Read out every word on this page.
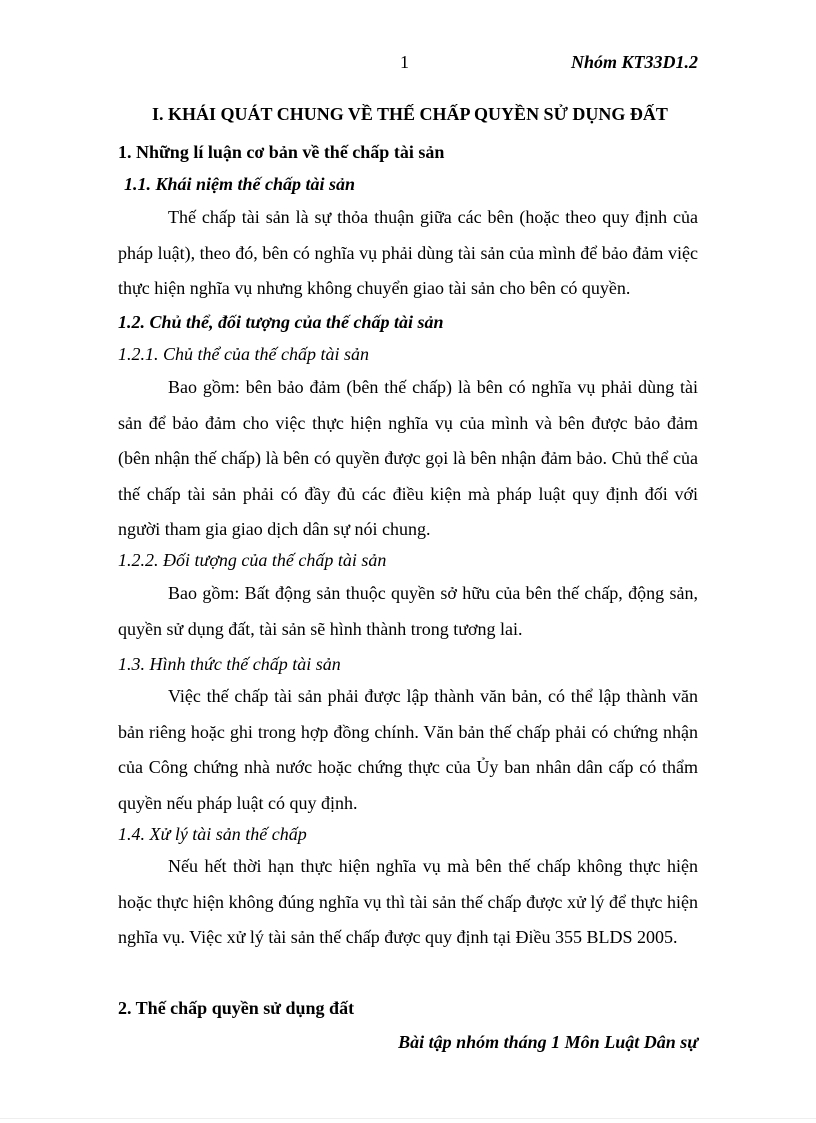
1	Nhóm KT33D1.2
I. KHÁI QUÁT CHUNG VỀ THẾ CHẤP QUYỀN SỬ DỤNG ĐẤT
1. Những lí luận cơ bản về thế chấp tài sản
1.1. Khái niệm thế chấp tài sản
Thế chấp tài sản là sự thỏa thuận giữa các bên (hoặc theo quy định của pháp luật), theo đó, bên có nghĩa vụ phải dùng tài sản của mình để bảo đảm việc thực hiện nghĩa vụ nhưng không chuyển giao tài sản cho bên có quyền.
1.2. Chủ thể, đối tượng của thế chấp tài sản
1.2.1. Chủ thể của thế chấp tài sản
Bao gồm: bên bảo đảm (bên thế chấp) là bên có nghĩa vụ phải dùng tài sản để bảo đảm cho việc thực hiện nghĩa vụ của mình và bên được bảo đảm (bên nhận thế chấp) là bên có quyền được gọi là bên nhận đảm bảo. Chủ thể của thế chấp tài sản phải có đầy đủ các điều kiện mà pháp luật quy định đối với người tham gia giao dịch dân sự nói chung.
1.2.2. Đối tượng của thế chấp tài sản
Bao gồm: Bất động sản thuộc quyền sở hữu của bên thế chấp, động sản, quyền sử dụng đất, tài sản sẽ hình thành trong tương lai.
1.3. Hình thức thế chấp tài sản
Việc thế chấp tài sản phải được lập thành văn bản, có thể lập thành văn bản riêng hoặc ghi trong hợp đồng chính. Văn bản thế chấp phải có chứng nhận của Công chứng nhà nước hoặc chứng thực của Ủy ban nhân dân cấp có thẩm quyền nếu pháp luật có quy định.
1.4. Xử lý tài sản thế chấp
Nếu hết thời hạn thực hiện nghĩa vụ mà bên thế chấp không thực hiện hoặc thực hiện không đúng nghĩa vụ thì tài sản thế chấp được xử lý để thực hiện nghĩa vụ. Việc xử lý tài sản thế chấp được quy định tại Điều 355 BLDS 2005.
2. Thế chấp quyền sử dụng đất
Bài tập nhóm tháng 1 Môn Luật Dân sự
